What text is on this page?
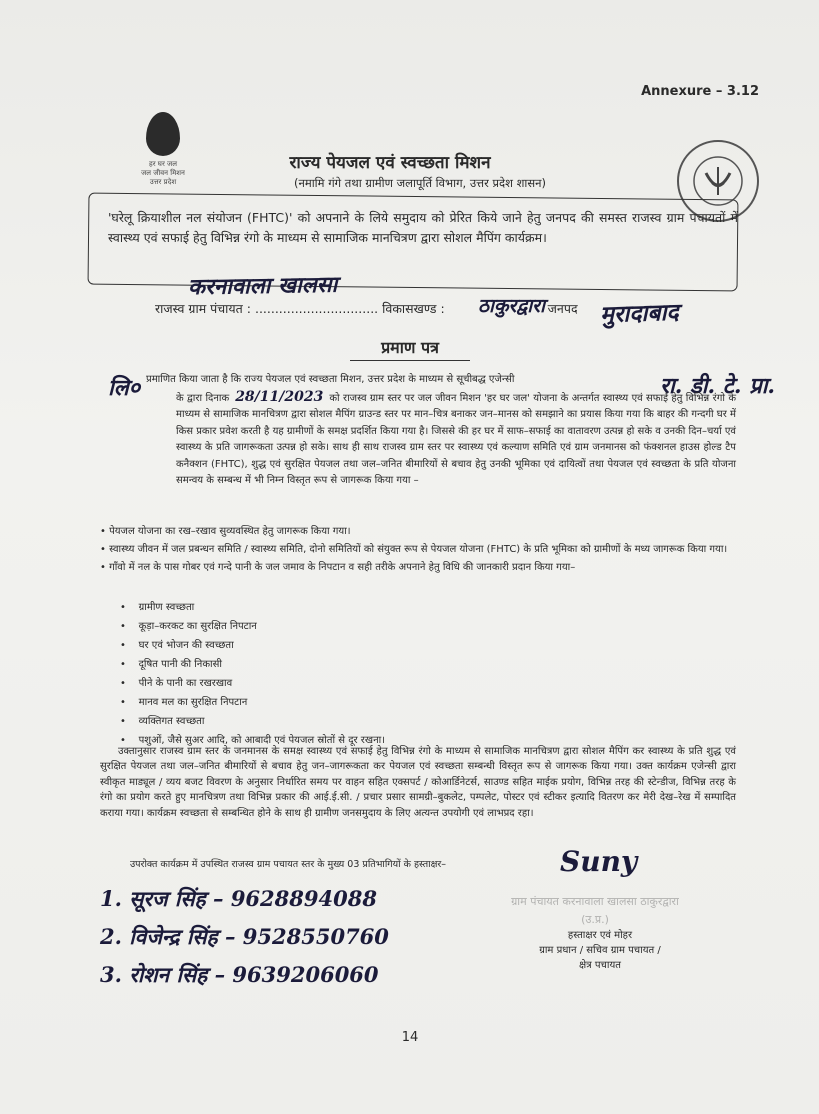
Annexure – 3.12
हर घर जल
जल जीवन मिशन
उत्तर प्रदेश
राज्य पेयजल एवं स्वच्छता मिशन
(नमामि गंगे तथा ग्रामीण जलापूर्ति विभाग, उत्तर प्रदेश शासन)
'घरेलू क्रियाशील नल संयोजन (FHTC)' को अपनाने के लिये समुदाय को प्रेरित किये जाने हेतु जनपद की समस्त राजस्व ग्राम पचायतों में स्वास्थ्य एवं सफाई हेतु विभिन्न रंगो के माध्यम से सामाजिक मानचित्रण द्वारा सोशल मैपिंग कार्यक्रम।
करनावाला खालसा
राजस्व ग्राम पंचायत : ............................... विकासखण्ड :	जनपद
ठाकुरद्वारा मुरादाबाद
प्रमाण पत्र
लि०	रा. डी. टे. प्रा.

प्रमाणित किया जाता है कि राज्य पेयजल एवं स्वच्छता मिशन, उत्तर प्रदेश के माध्यम से सूचीबद्ध एजेन्सी

के द्वारा दिनाक 28/11/2023 को राजस्व ग्राम स्तर पर जल जीवन मिशन 'हर घर जल' योजना के अन्तर्गत स्वास्थ्य एवं सफाई हेतु विभिन्न रंगो के माध्यम से सामाजिक मानचित्रण द्वारा सोशल मैपिंग ग्राउन्ड स्तर पर मान–चित्र बनाकर जन–मानस को समझाने का प्रयास किया गया कि बाहर की गन्दगी घर में किस प्रकार प्रवेश करती है यह ग्रामीणों के समक्ष प्रदर्शित किया गया है। जिससे की हर घर में साफ–सफाई का वातावरण उत्पन्न हो सके व उनकी दिन–चर्या एवं स्वास्थ्य के प्रति जागरूकता उत्पन्न हो सके। साथ ही साथ राजस्व ग्राम स्तर पर स्वास्थ्य एवं कल्याण समिति एवं ग्राम जनमानस को फंक्शनल हाउस होल्ड टैप कनैक्शन (FHTC), शुद्ध एवं सुरक्षित पेयजल तथा जल–जनित बीमारियों से बचाव हेतु उनकी भूमिका एवं दायित्वों तथा पेयजल एवं स्वच्छता के प्रति योजना समन्वय के सम्बन्ध में भी निम्न विस्तृत रूप से जागरूक किया गया –

• पेयजल योजना का रख–रखाव सुव्यवस्थित हेतु जागरूक किया गया।
• स्वास्थ्य जीवन में जल प्रबन्धन समिति / स्वास्थ्य समिति, दोनो समितियों को संयुक्त रूप से पेयजल योजना (FHTC) के प्रति भूमिका को ग्रामीणों के मध्य जागरूक किया गया।
• गाँवो में नल के पास गोबर एवं गन्दे पानी के जल जमाव के निपटान व सही तरीके अपनाने हेतु विधि की जानकारी प्रदान किया गया–
•    ग्रामीण स्वच्छता
•    कूड़ा–करकट का सुरक्षित निपटान
•    घर एवं भोजन की स्वच्छता
•    दूषित पानी की निकासी
•    पीने के पानी का रखरखाव
•    मानव मल का सुरक्षित निपटान
•    व्यक्तिगत स्वच्छता
•    पशुओं, जैसे सुअर आदि, को आबादी एवं पेयजल स्रोतों से दूर रखना।
उक्तानुसार राजस्व ग्राम स्तर के जनमानस के समक्ष स्वास्थ्य एवं सफाई हेतु विभिन्न रंगो के माध्यम से सामाजिक मानचित्रण द्वारा सोशल मैपिंग कर स्वास्थ्य के प्रति शुद्ध एवं सुरक्षित पेयजल तथा जल–जनित बीमारियों से बचाव हेतु जन–जागरूकता कर पेयजल एवं स्वच्छता सम्बन्धी विस्तृत रूप से जागरूक किया गया। उक्त कार्यक्रम एजेन्सी द्वारा स्वीकृत माड्यूल / व्यय बजट विवरण के अनुसार निर्धारित समय पर वाहन सहित एक्सपर्ट / कोआर्डिनेटर्स, साउण्ड सहित माईक प्रयोग, विभिन्न तरह की स्टेन्डीज, विभिन्न तरह के रंगो का प्रयोग करते हुए मानचित्रण तथा विभिन्न प्रकार की आई.ई.सी. / प्रचार प्रसार सामग्री–बुकलेट, पम्पलेट, पोस्टर एवं स्टीकर इत्यादि वितरण कर मेरी देख–रेख में सम्पादित कराया गया। कार्यक्रम स्वच्छता से सम्बन्धित होने के साथ ही ग्रामीण जनसमुदाय के लिए अत्यन्त उपयोगी एवं लाभप्रद रहा।
उपरोक्त कार्यक्रम में उपस्थित राजस्व ग्राम पचायत स्तर के मुख्य 03 प्रतिभागियों के हस्ताक्षर–
1. सूरज सिंह – 9628894088
2. विजेन्द्र सिंह – 9528550760
3. रोशन सिंह – 9639206060
Suny
ग्राम पंचायत करनावाला खालसा ठाकुरद्वारा (उ.प्र.)
हस्ताक्षर एवं मोहर
ग्राम प्रधान / सचिव ग्राम पचायत /
क्षेत्र पचायत
14
